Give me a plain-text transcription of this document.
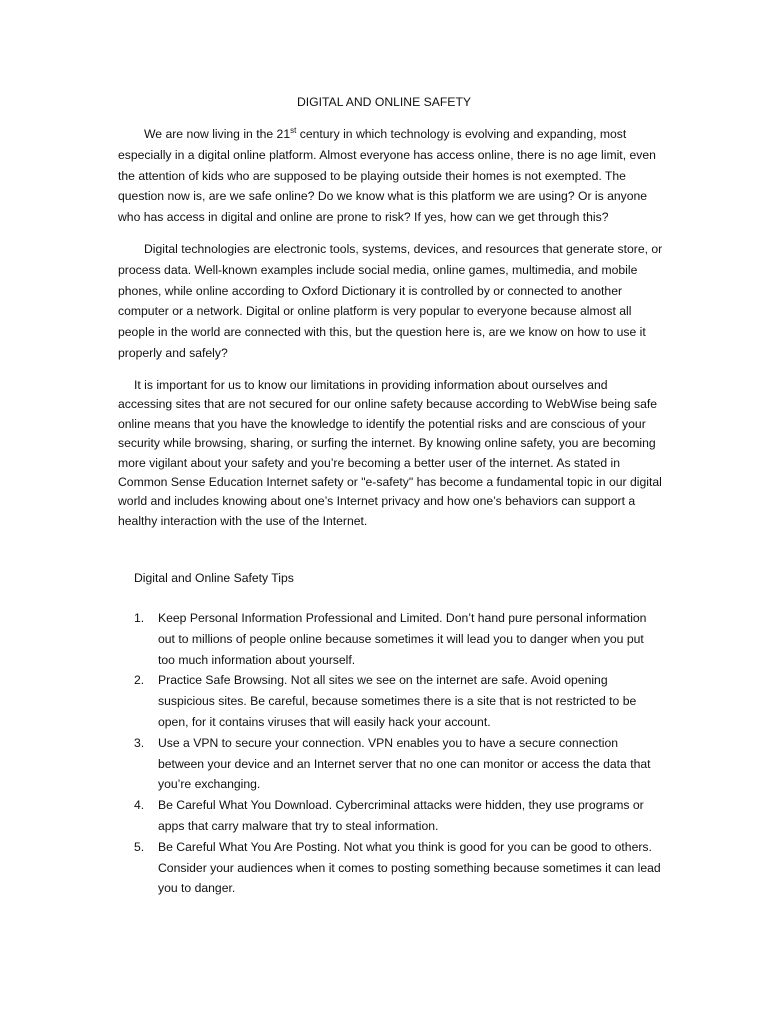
DIGITAL AND ONLINE SAFETY

We are now living in the 21st century in which technology is evolving and expanding, most especially in a digital online platform. Almost everyone has access online, there is no age limit, even the attention of kids who are supposed to be playing outside their homes is not exempted. The question now is, are we safe online? Do we know what is this platform we are using? Or is anyone who has access in digital and online are prone to risk? If yes, how can we get through this?

Digital technologies are electronic tools, systems, devices, and resources that generate store, or process data. Well-known examples include social media, online games, multimedia, and mobile phones, while online according to Oxford Dictionary it is controlled by or connected to another computer or a network. Digital or online platform is very popular to everyone because almost all people in the world are connected with this, but the question here is, are we know on how to use it properly and safely?

It is important for us to know our limitations in providing information about ourselves and accessing sites that are not secured for our online safety because according to WebWise being safe online means that you have the knowledge to identify the potential risks and are conscious of your security while browsing, sharing, or surfing the internet. By knowing online safety, you are becoming more vigilant about your safety and you’re becoming a better user of the internet. As stated in Common Sense Education Internet safety or "e-safety" has become a fundamental topic in our digital world and includes knowing about one’s Internet privacy and how one’s behaviors can support a healthy interaction with the use of the Internet.

Digital and Online Safety Tips
1. Keep Personal Information Professional and Limited. Don’t hand pure personal information out to millions of people online because sometimes it will lead you to danger when you put too much information about yourself.
2. Practice Safe Browsing. Not all sites we see on the internet are safe. Avoid opening suspicious sites. Be careful, because sometimes there is a site that is not restricted to be open, for it contains viruses that will easily hack your account.
3. Use a VPN to secure your connection. VPN enables you to have a secure connection between your device and an Internet server that no one can monitor or access the data that you’re exchanging.
4. Be Careful What You Download. Cybercriminal attacks were hidden, they use programs or apps that carry malware that try to steal information.
5. Be Careful What You Are Posting. Not what you think is good for you can be good to others. Consider your audiences when it comes to posting something because sometimes it can lead you to danger.
